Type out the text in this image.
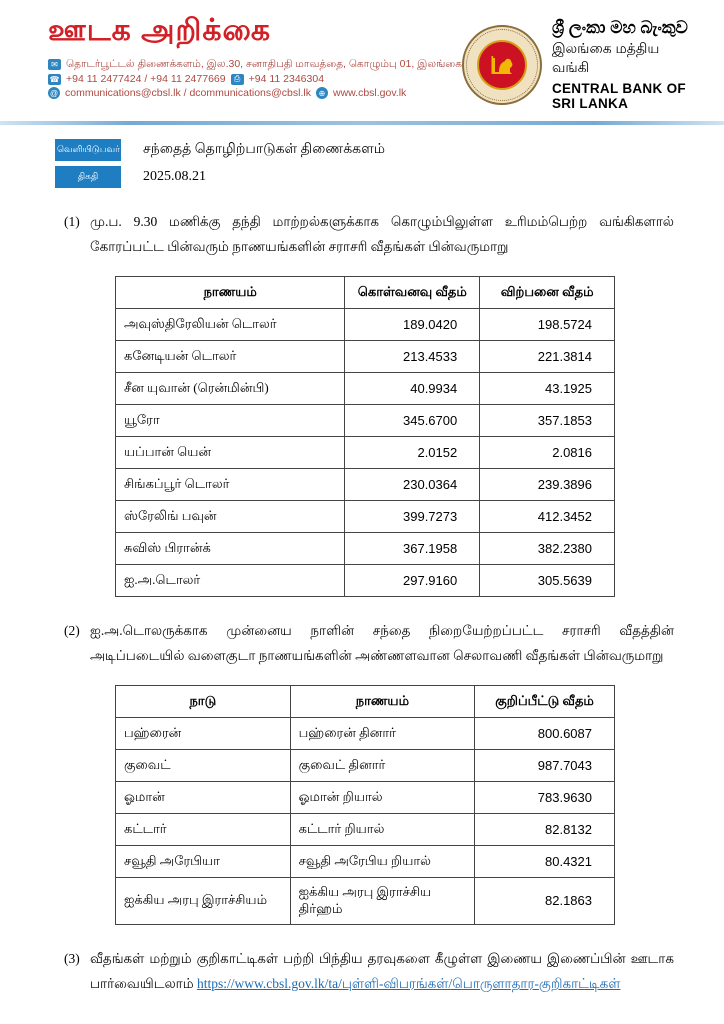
ஊடக அறிக்கை
✉ தொடர்பூட்டல் திணைக்களம், இல.30, சனாதிபதி மாவத்தை, கொழும்பு 01, இலங்கை
☎ +94 11 2477424 / +94 11 2477669	⎙ +94 11 2346304
@ communications@cbsl.lk / dcommunications@cbsl.lk ⊕ www.cbsl.gov.lk
ශ්‍රී ලංකා මහ බැංකුව
இலங்கை மத்திய வங்கி
CENTRAL BANK OF SRI LANKA
வெளியிடுபவர் சந்தைத் தொழிற்பாடுகள் திணைக்களம்
திகதி	2025.08.21
(1) மு.ப. 9.30 மணிக்கு தந்தி மாற்றல்களுக்காக கொழும்பிலுள்ள உரிமம்பெற்ற வங்கிகளால் கோரப்பட்ட பின்வரும் நாணயங்களின் சராசரி வீதங்கள் பின்வருமாறு
நாணயம்	கொள்வனவு வீதம்	விற்பனை வீதம்
அவுஸ்திரேலியன் டொலர்	189.0420	198.5724
கனேடியன் டொலர்	213.4533	221.3814
சீன யுவான் (ரென்மின்பி)	40.9934	43.1925
யூரோ	345.6700	357.1853
யப்பான் யென்	2.0152	2.0816
சிங்கப்பூர் டொலர்	230.0364	239.3896
ஸ்ரேலிங் பவுன்	399.7273	412.3452
சுவிஸ் பிரான்க்	367.1958	382.2380
ஐ.அ.டொலர்	297.9160	305.5639
(2) ஐ.அ.டொலருக்காக முன்னைய நாளின் சந்தை நிறையேற்றப்பட்ட சராசரி வீதத்தின் அடிப்படையில் வளைகுடா நாணயங்களின் அண்ணளவான செலாவணி வீதங்கள் பின்வருமாறு
நாடு	நாணயம்	குறிப்பீட்டு வீதம்
பஹ்ரைன்	பஹ்ரைன் தினார்	800.6087
குவைட்	குவைட் தினார்	987.7043
ஓமான்	ஓமான் றியால்	783.9630
கட்டார்	கட்டார் றியால்	82.8132
சவூதி அரேபியா	சவூதி அரேபிய றியால்	80.4321
ஐக்கிய அரபு இராச்சியம்	ஐக்கிய அரபு இராச்சிய திர்ஹம்	82.1863
(3) வீதங்கள் மற்றும் குறிகாட்டிகள் பற்றி பிந்திய தரவுகளை கீழுள்ள இணைய இணைப்பின் ஊடாக பார்வையிடலாம் https://www.cbsl.gov.lk/ta/புள்ளி-விபரங்கள்/பொருளாதார-குறிகாட்டிகள்
